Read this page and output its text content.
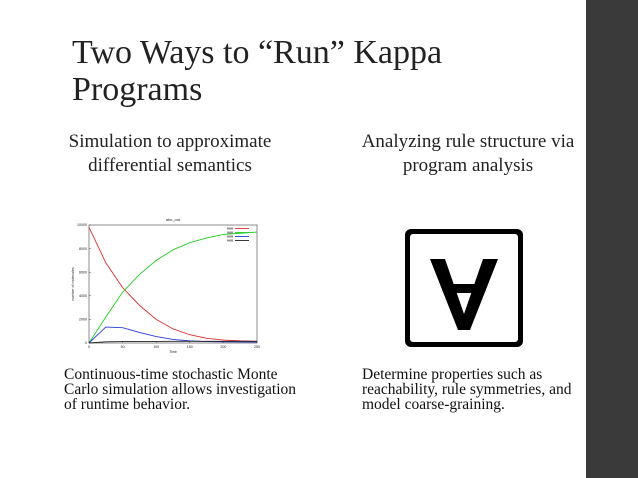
Two Ways to “Run” Kappa Programs
Simulation to approximate differential semantics
Analyzing rule structure via program analysis
abc_out
0
2000
4000
6000
8000
10000
0	50	100	150	200	250
Time
number of molecules
Continuous-time stochastic Monte Carlo simulation allows investigation of runtime behavior.
Determine properties such as reachability, rule symmetries, and model coarse-graining.
